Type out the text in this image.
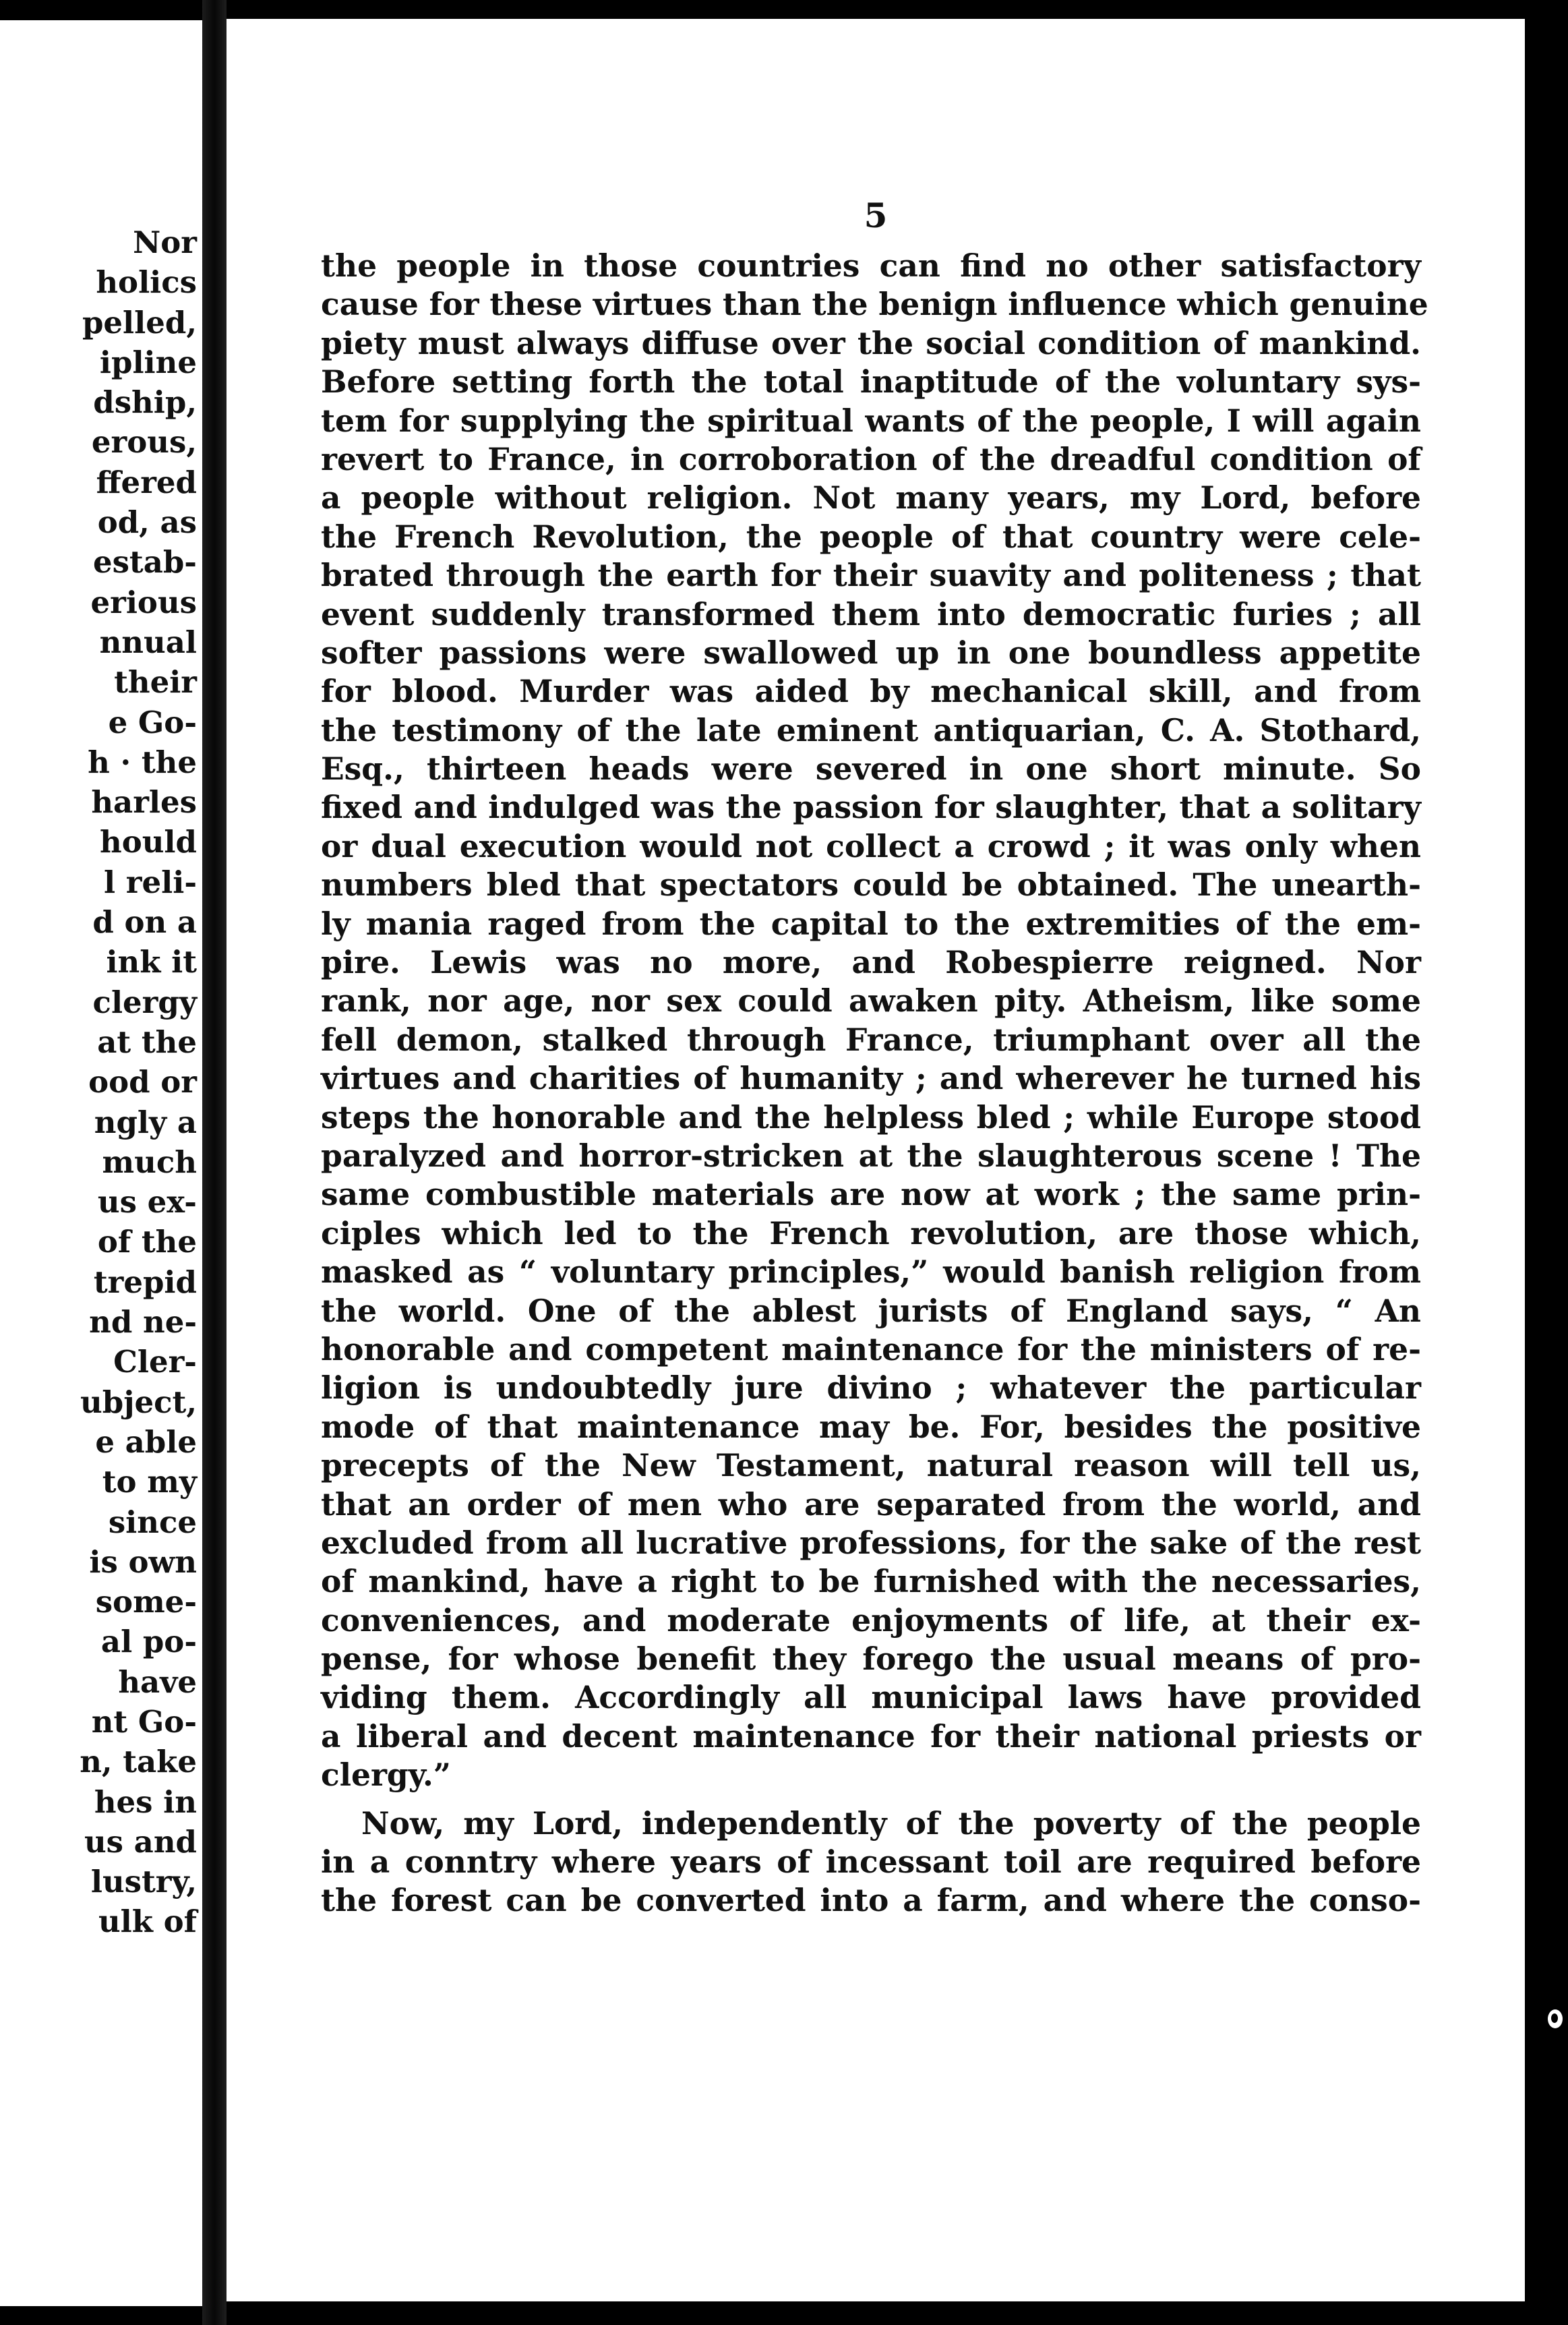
Nor
holics
pelled,
ipline
dship,
erous,
ffered
od, as
estab-
erious
nnual
their
e Go-
h · the
harles
hould
l reli-
d on a
ink it
clergy
at the
ood or
ngly a
much
us ex-
of the
trepid
nd ne-
Cler-
ubject,
e able
to my
since
is own
some-
al po-
have
nt Go-
n, take
hes in
us and
lustry,
ulk of
5
the people in those countries can find no other satisfactory
cause for these virtues than the benign influence which genuine
piety must always diffuse over the social condition of mankind.
Before setting forth the total inaptitude of the voluntary sys-
tem for supplying the spiritual wants of the people, I will again
revert to France, in corroboration of the dreadful condition of
a people without religion. Not many years, my Lord, before
the French Revolution, the people of that country were cele-
brated through the earth for their suavity and politeness ; that
event suddenly transformed them into democratic furies ; all
softer passions were swallowed up in one boundless appetite
for blood. Murder was aided by mechanical skill, and from
the testimony of the late eminent antiquarian, C. A. Stothard,
Esq., thirteen heads were severed in one short minute. So
fixed and indulged was the passion for slaughter, that a solitary
or dual execution would not collect a crowd ; it was only when
numbers bled that spectators could be obtained. The unearth-
ly mania raged from the capital to the extremities of the em-
pire. Lewis was no more, and Robespierre reigned. Nor
rank, nor age, nor sex could awaken pity. Atheism, like some
fell demon, stalked through France, triumphant over all the
virtues and charities of humanity ; and wherever he turned his
steps the honorable and the helpless bled ; while Europe stood
paralyzed and horror-stricken at the slaughterous scene ! The
same combustible materials are now at work ; the same prin-
ciples which led to the French revolution, are those which,
masked as “ voluntary principles,” would banish religion from
the world. One of the ablest jurists of England says, “ An
honorable and competent maintenance for the ministers of re-
ligion is undoubtedly jure divino ; whatever the particular
mode of that maintenance may be. For, besides the positive
precepts of the New Testament, natural reason will tell us,
that an order of men who are separated from the world, and
excluded from all lucrative professions, for the sake of the rest
of mankind, have a right to be furnished with the necessaries,
conveniences, and moderate enjoyments of life, at their ex-
pense, for whose benefit they forego the usual means of pro-
viding them. Accordingly all municipal laws have provided
a liberal and decent maintenance for their national priests or
clergy.”
Now, my Lord, independently of the poverty of the people
in a conntry where years of incessant toil are required before
the forest can be converted into a farm, and where the conso-
